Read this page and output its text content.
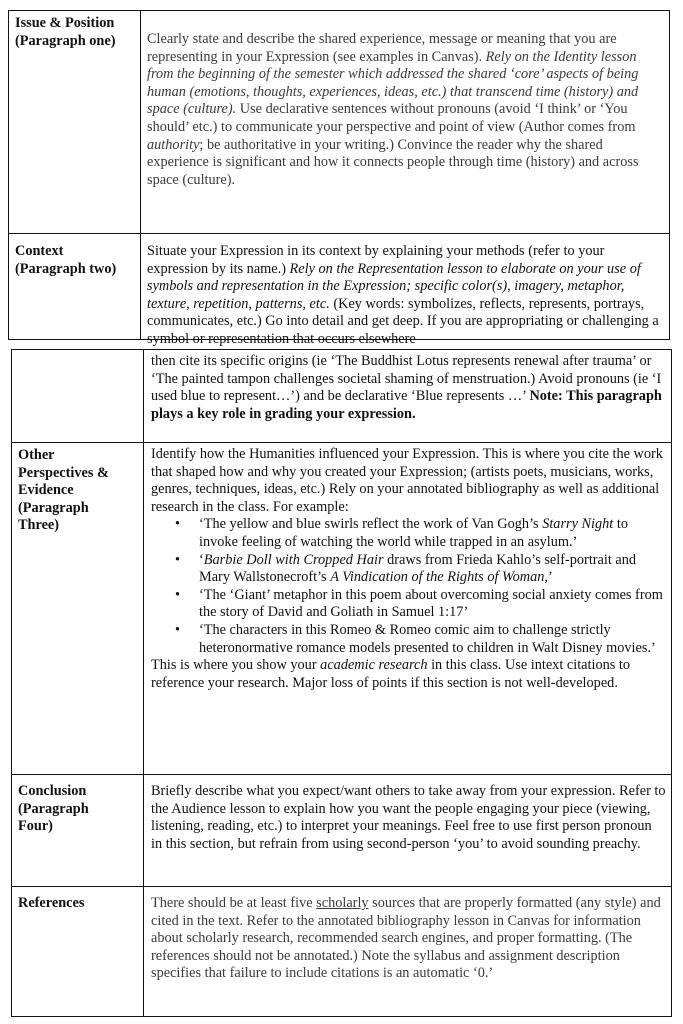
Issue & Position
(Paragraph one)	Clearly state and describe the shared experience, message or meaning that you are representing in your Expression (see examples in Canvas). Rely on the Identity lesson from the beginning of the semester which addressed the shared ‘core’ aspects of being human (emotions, thoughts, experiences, ideas, etc.) that transcend time (history) and space (culture). Use declarative sentences without pronouns (avoid ‘I think’ or ‘You should’ etc.) to communicate your perspective and point of view (Author comes from authority; be authoritative in your writing.) Convince the reader why the shared experience is significant and how it connects people through time (history) and across space (culture).

Context
(Paragraph two)

Situate your Expression in its context by explaining your methods (refer to your expression by its name.) Rely on the Representation lesson to elaborate on your use of symbols and representation in the Expression; specific color(s), imagery, metaphor, texture, repetition, patterns, etc. (Key words: symbolizes, reflects, represents, portrays, communicates, etc.) Go into detail and get deep. If you are appropriating or challenging a symbol or representation that occurs elsewhere

then cite its specific origins (ie ‘The Buddhist Lotus represents renewal after trauma’ or ‘The painted tampon challenges societal shaming of menstruation.) Avoid pronouns (ie ‘I used blue to represent…’) and be declarative ‘Blue represents …’ Note: This paragraph plays a key role in grading your expression.

Other
Perspectives &
Evidence
(Paragraph
Three)

Identify how the Humanities influenced your Expression. This is where you cite the work that shaped how and why you created your Expression; (artists poets, musicians, works, genres, techniques, ideas, etc.) Rely on your annotated bibliography as well as additional research in the class. For example:

• ‘The yellow and blue swirls reflect the work of Van Gogh’s Starry Night to invoke feeling of watching the world while trapped in an asylum.’
• ‘Barbie Doll with Cropped Hair draws from Frieda Kahlo’s self-portrait and Mary Wallstonecroft’s A Vindication of the Rights of Woman,’
• ‘The ‘Giant’ metaphor in this poem about overcoming social anxiety comes from the story of David and Goliath in Samuel 1:17’
• ‘The characters in this Romeo & Romeo comic aim to challenge strictly heteronormative romance models presented to children in Walt Disney movies.’

This is where you show your academic research in this class. Use intext citations to reference your research. Major loss of points if this section is not well-developed.

Conclusion
(Paragraph
Four)
Briefly describe what you expect/want others to take away from your expression. Refer to the Audience lesson to explain how you want the people engaging your piece (viewing, listening, reading, etc.) to interpret your meanings. Feel free to use first person pronoun in this section, but refrain from using second-person ‘you’ to avoid sounding preachy.
References	There should be at least five scholarly sources that are properly formatted (any style) and cited in the text. Refer to the annotated bibliography lesson in Canvas for information about scholarly research, recommended search engines, and proper formatting. (The references should not be annotated.) Note the syllabus and assignment description specifies that failure to include citations is an automatic ‘0.’
